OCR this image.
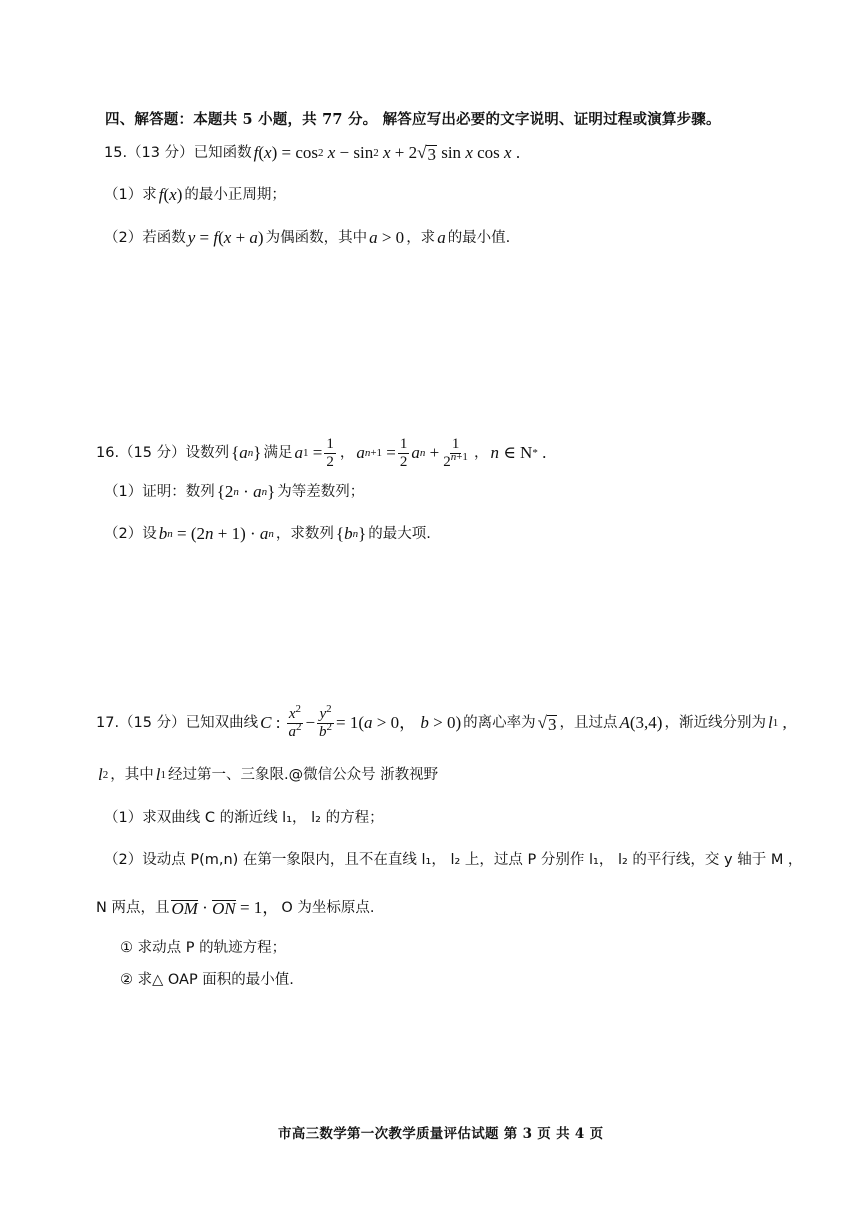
四、解答题：本题共 5 小题，共 77 分。 解答应写出必要的文字说明、证明过程或演算步骤。
15.（13 分）已知函数 f ( x ) = cos 2
x − sin 2
x + 2 √ 3 sin x cos x .
（1）求 f ( x ) 的最小正周期；
（2）若函数 y = f ( x + a ) 为偶函数，其中 a > 0 ，求 a 的最小值.
16.（15 分）设数列 { a n } 满足 a $1 = \frac{1}{2}$ ， a $n+1 = \frac{1}{2}$ a $n + \frac{1}{2^{n+1}}$ ， n ∈ N * .
（1）证明：数列 {2 n · a n } 为等差数列；
（2）设 b n = (2 n + 1) · a n ，求数列 { b n } 的最大项.
17.（15 分）已知双曲线 C : $\frac{x^2}{a^2} - \frac{y^2}{b^2} = 1$( a > 0， b > 0) 的离心率为 √ 3 ，且过点 A (3,4) ，渐近线分别为 l 1 ,
l 2 ，其中 l 1 经过第一、三象限.@微信公众号 浙教视野
（1）求双曲线 C 的渐近线 l₁， l₂ 的方程；
（2）设动点 P(m,n) 在第一象限内，且不在直线 l₁， l₂ 上，过点 P 分别作 l₁， l₂ 的平行线，交 y 轴于 M ，
N 两点，且 OM
·
ON
= 1， O 为坐标原点.
① 求动点 P 的轨迹方程；
② 求△ OAP 面积的最小值.
市高三数学第一次教学质量评估试题 第 3 页 共 4 页
